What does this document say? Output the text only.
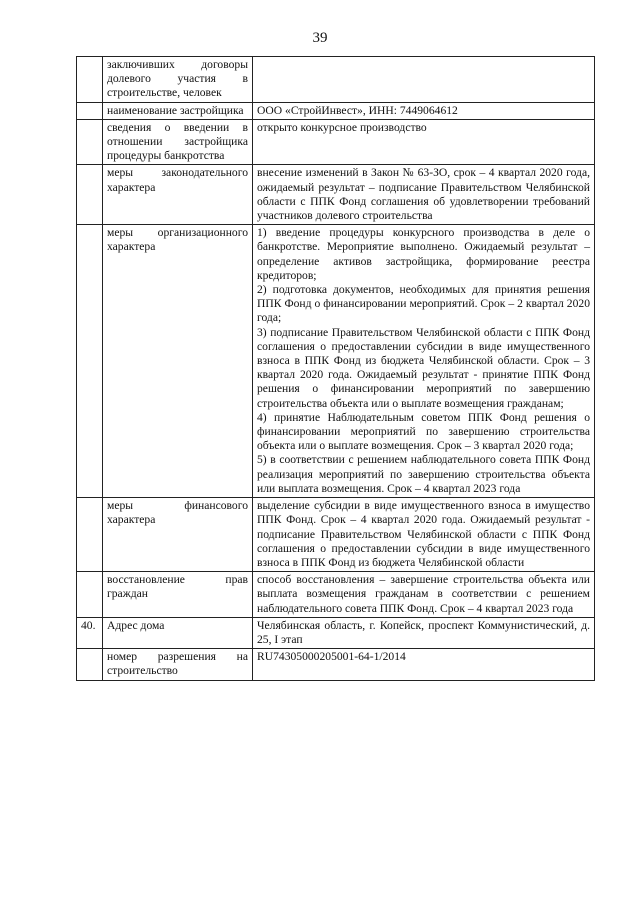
39
	заключивших договоры долевого участия в строительстве, человек	
	наименование застройщика	ООО «СтройИнвест», ИНН: 7449064612
	сведения о введении в отношении застройщика процедуры банкротства	открыто конкурсное производство
	меры законодательного характера	внесение изменений в Закон № 63-ЗО, срок – 4 квартал 2020 года, ожидаемый результат – подписание Правительством Челябинской области с ППК Фонд соглашения об удовлетворении требований участников долевого строительства
	меры организационного характера	1) введение процедуры конкурсного производства в деле о банкротстве. Мероприятие выполнено. Ожидаемый результат – определение активов застройщика, формирование реестра кредиторов;
2) подготовка документов, необходимых для принятия решения ППК Фонд о финансировании мероприятий. Срок – 2 квартал 2020 года;
3) подписание Правительством Челябинской области с ППК Фонд соглашения о предоставлении субсидии в виде имущественного взноса в ППК Фонд из бюджета Челябинской области. Срок – 3 квартал 2020 года. Ожидаемый результат - принятие ППК Фонд решения о финансировании мероприятий по завершению строительства объекта или о выплате возмещения гражданам;
4) принятие Наблюдательным советом ППК Фонд решения о финансировании мероприятий по завершению строительства объекта или о выплате возмещения. Срок – 3 квартал 2020 года;
5) в соответствии с решением наблюдательного совета ППК Фонд реализация мероприятий по завершению строительства объекта или выплата возмещения. Срок – 4 квартал 2023 года

	меры финансового характера	выделение субсидии в виде имущественного взноса в имущество ППК Фонд. Срок – 4 квартал 2020 года. Ожидаемый результат - подписание Правительством Челябинской области с ППК Фонд соглашения о предоставлении субсидии в виде имущественного взноса в ППК Фонд из бюджета Челябинской области
	восстановление прав граждан	способ восстановления – завершение строительства объекта или выплата возмещения гражданам в соответствии с решением наблюдательного совета ППК Фонд. Срок – 4 квартал 2023 года
40.	Адрес дома	Челябинская область, г. Копейск, проспект Коммунистический, д. 25, I этап
	номер разрешения на строительство	RU74305000205001-64-1/2014
